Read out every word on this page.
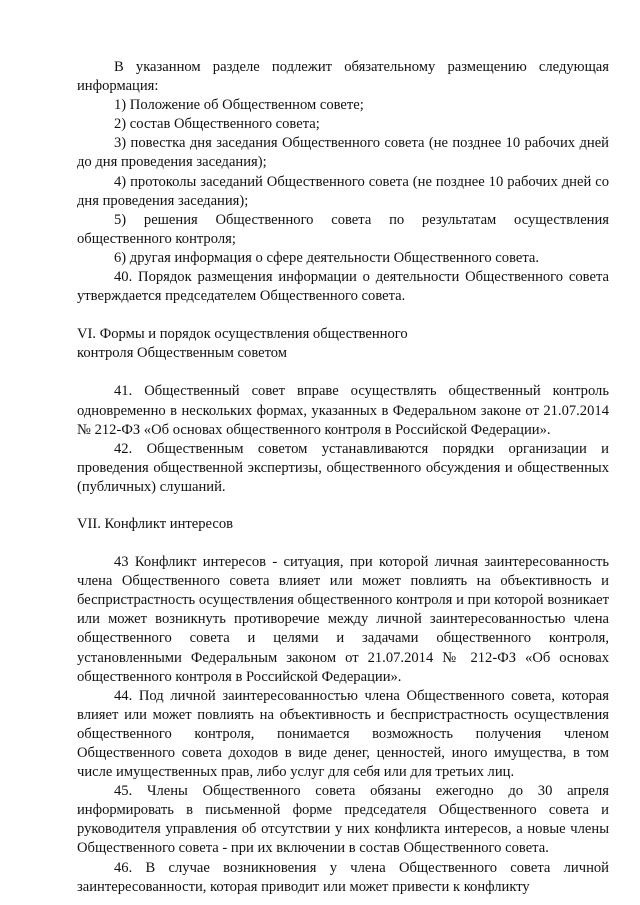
В указанном разделе подлежит обязательному размещению следующая информация:

1) Положение об Общественном совете;

2) состав Общественного совета;

3) повестка дня заседания Общественного совета (не позднее 10 рабочих дней до дня проведения заседания);

4) протоколы заседаний Общественного совета (не позднее 10 рабочих дней со дня проведения заседания);

5) решения Общественного совета по результатам осуществления общественного контроля;

6) другая информация о сфере деятельности Общественного совета.

40. Порядок размещения информации о деятельности Общественного совета утверждается председателем Общественного совета.

VI. Формы и порядок осуществления общественного
контроля Общественным советом

41. Общественный совет вправе осуществлять общественный контроль одновременно в нескольких формах, указанных в Федеральном законе от 21.07.2014 № 212-ФЗ «Об основах общественного контроля в Российской Федерации».

42. Общественным советом устанавливаются порядки организации и проведения общественной экспертизы, общественного обсуждения и общественных (публичных) слушаний.

VII. Конфликт интересов

43 Конфликт интересов - ситуация, при которой личная заинтересованность члена Общественного совета влияет или может повлиять на объективность и беспристрастность осуществления общественного контроля и при которой возникает или может возникнуть противоречие между личной заинтересованностью члена общественного совета и целями и задачами общественного контроля, установленными Федеральным законом от 21.07.2014 № 212-ФЗ «Об основах общественного контроля в Российской Федерации».

44. Под личной заинтересованностью члена Общественного совета, которая влияет или может повлиять на объективность и беспристрастность осуществления общественного контроля, понимается возможность получения членом Общественного совета доходов в виде денег, ценностей, иного имущества, в том числе имущественных прав, либо услуг для себя или для третьих лиц.

45. Члены Общественного совета обязаны ежегодно до 30 апреля информировать в письменной форме председателя Общественного совета и руководителя управления об отсутствии у них конфликта интересов, а новые члены Общественного совета - при их включении в состав Общественного совета.

46. В случае возникновения у члена Общественного совета личной заинтересованности, которая приводит или может привести к конфликту
